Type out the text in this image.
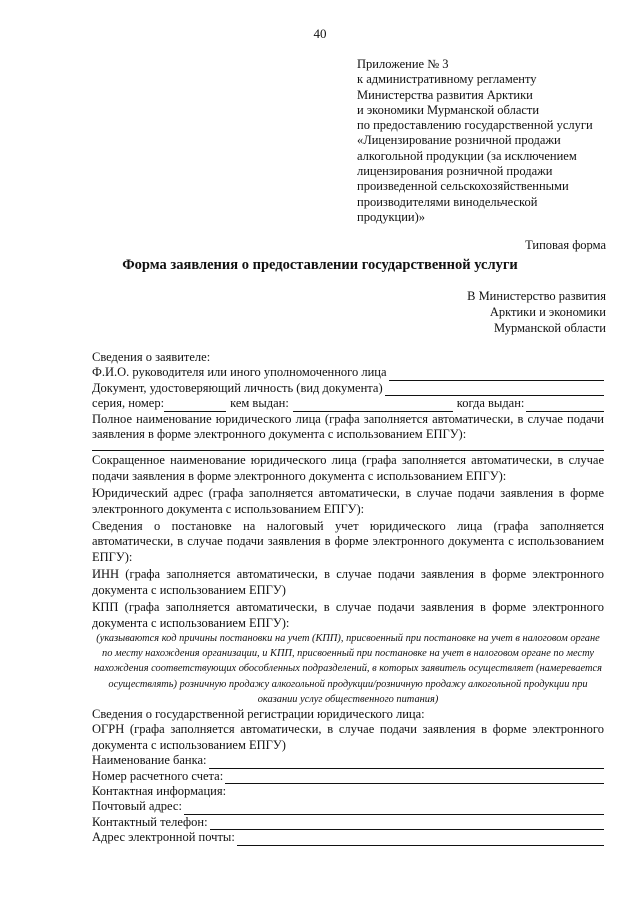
40
Приложение № 3
к административному регламенту
Министерства развития Арктики
и экономики Мурманской области
по предоставлению государственной услуги
«Лицензирование розничной продажи
алкогольной продукции (за исключением
лицензирования розничной продажи
произведенной сельскохозяйственными
производителями винодельческой
продукции)»
Типовая форма
Форма заявления о предоставлении государственной услуги
В Министерство развития
Арктики и экономики
Мурманской области
Сведения о заявителе:
Ф.И.О. руководителя или иного уполномоченного лица
Документ, удостоверяющий личность (вид документа)
серия, номер:	кем выдан:	когда выдан:
Полное наименование юридического лица (графа заполняется автоматически, в случае подачи заявления в форме электронного документа с использованием ЕПГУ):
Сокращенное наименование юридического лица (графа заполняется автоматически, в случае подачи заявления в форме электронного документа с использованием ЕПГУ):
Юридический адрес (графа заполняется автоматически, в случае подачи заявления в форме электронного документа с использованием ЕПГУ):
Сведения о постановке на налоговый учет юридического лица (графа заполняется автоматически, в случае подачи заявления в форме электронного документа с использованием ЕПГУ):
ИНН (графа заполняется автоматически, в случае подачи заявления в форме электронного документа с использованием ЕПГУ)
КПП (графа заполняется автоматически, в случае подачи заявления в форме электронного документа с использованием ЕПГУ):
(указываются код причины постановки на учет (КПП), присвоенный при постановке на учет в налоговом органе по месту нахождения организации, и КПП, присвоенный при постановке на учет в налоговом органе по месту нахождения соответствующих обособленных подразделений, в которых заявитель осуществляет (намеревается осуществлять) розничную продажу алкогольной продукции/розничную продажу алкогольной продукции при оказании услуг общественного питания)
Сведения о государственной регистрации юридического лица:
ОГРН (графа заполняется автоматически, в случае подачи заявления в форме электронного документа с использованием ЕПГУ)
Наименование банка:
Номер расчетного счета:
Контактная информация:
Почтовый адрес:
Контактный телефон:
Адрес электронной почты:
